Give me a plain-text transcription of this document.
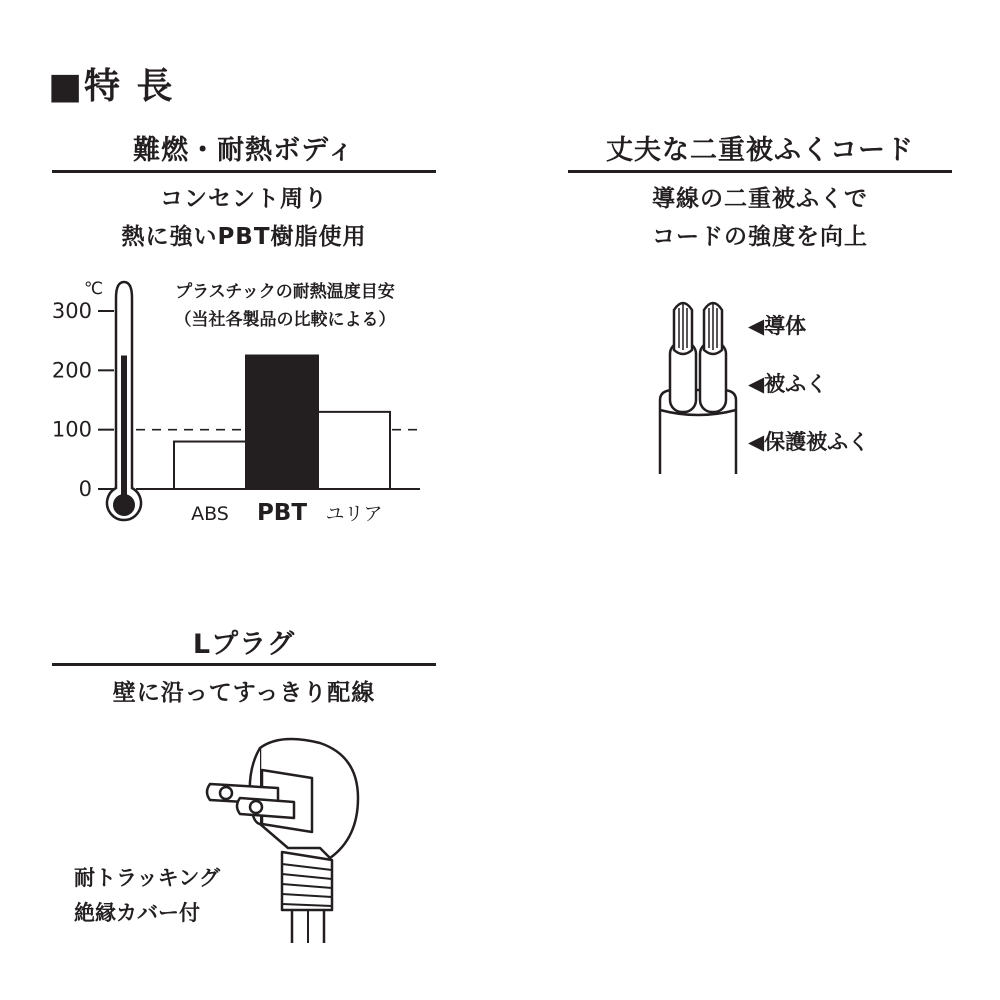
■特 長
難燃・耐熱ボディ
コンセント周り
熱に強いPBT樹脂使用
プラスチックの耐熱温度目安
（当社各製品の比較による）
℃
300
200
100
0
ABS PBT ユリア
丈夫な二重被ふくコード
導線の二重被ふくで
コードの強度を向上
◀導体
◀被ふく
◀保護被ふく
Lプラグ
壁に沿ってすっきり配線
耐トラッキング
絶縁カバー付
